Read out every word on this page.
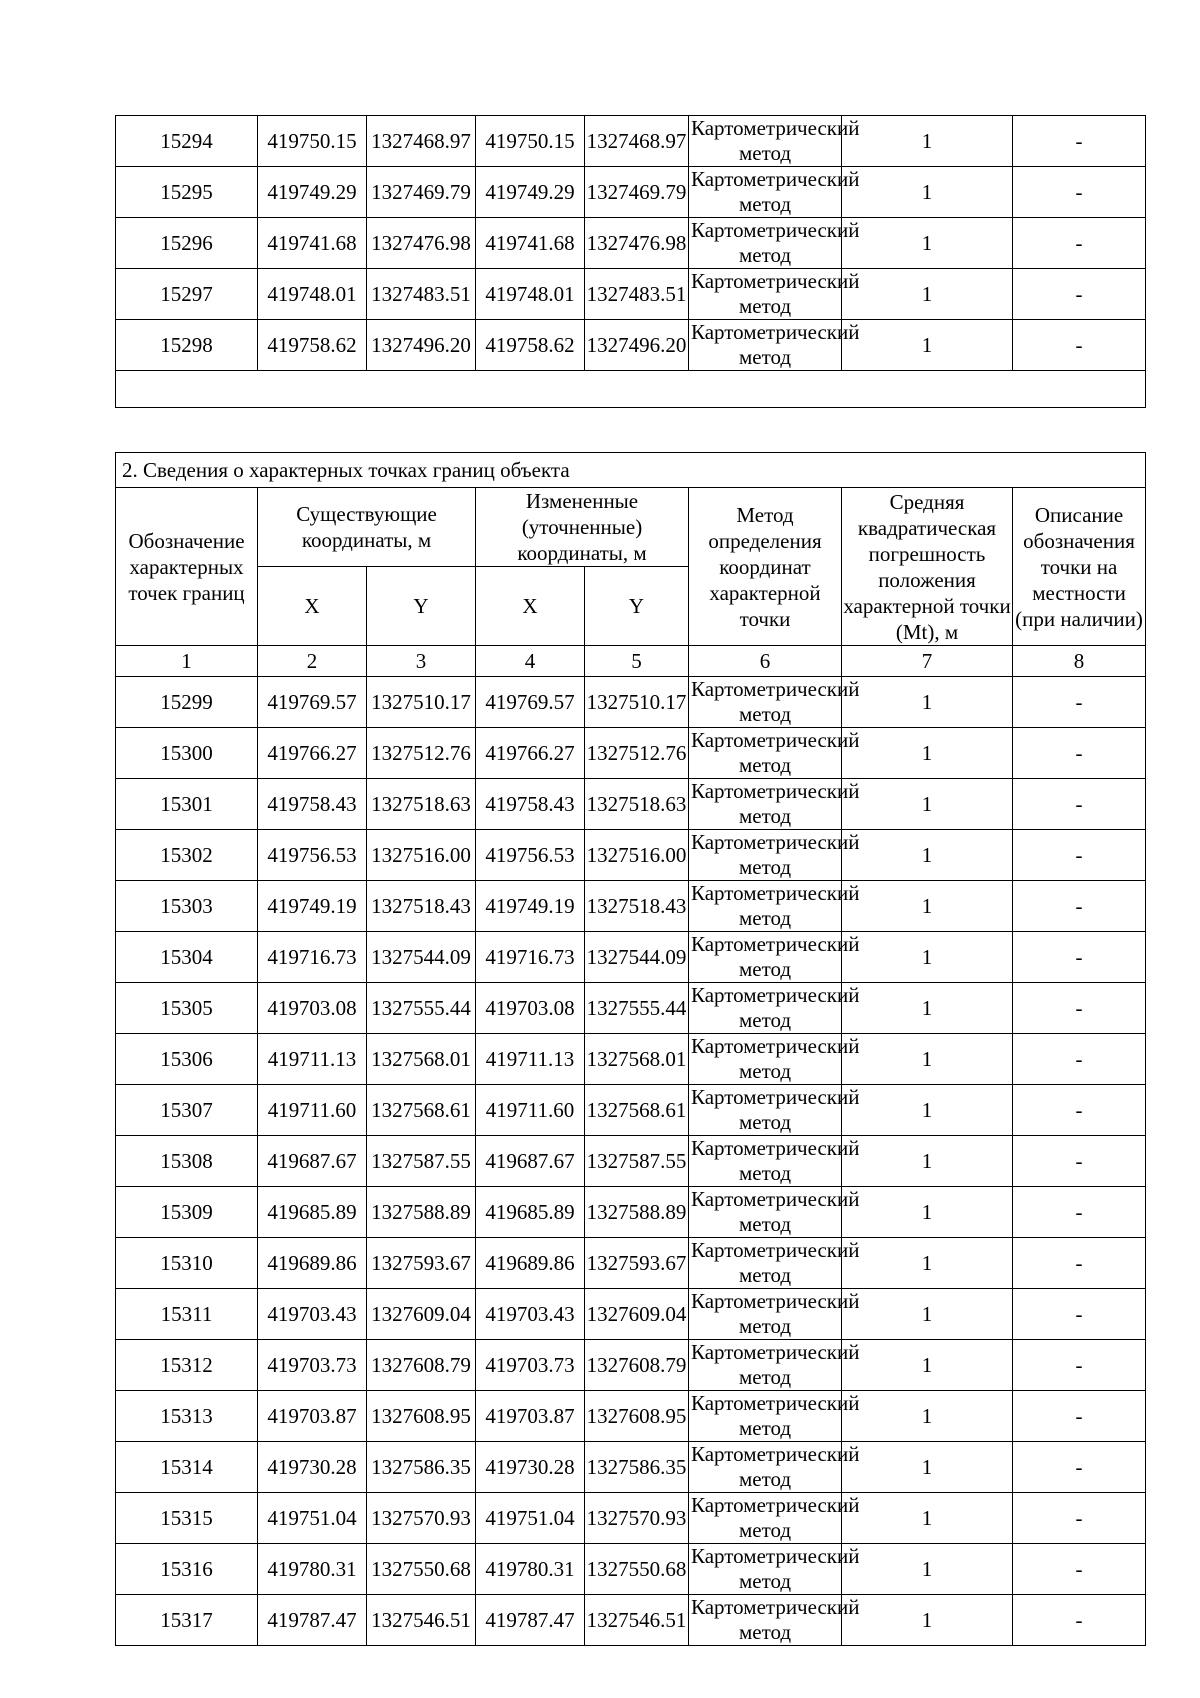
15294	419750.15	1327468.97	419750.15	1327468.97	Картометрический метод	1	-
15295	419749.29	1327469.79	419749.29	1327469.79	Картометрический метод	1	-
15296	419741.68	1327476.98	419741.68	1327476.98	Картометрический метод	1	-
15297	419748.01	1327483.51	419748.01	1327483.51	Картометрический метод	1	-
15298	419758.62	1327496.20	419758.62	1327496.20	Картометрический метод	1	-

2. Сведения о характерных точках границ объекта							
Обозначение характерных точек границ	Существующие координаты, м		Измененные (уточненные) координаты, м		Метод определения координат характерной точки	Средняя квадратическая погрешность положения характерной точки (Mt), м	Описание обозначения точки на местности (при наличии)
	X	Y	X	Y			
1	2	3	4	5	6	7	8
15299	419769.57	1327510.17	419769.57	1327510.17	Картометрический метод	1	-
15300	419766.27	1327512.76	419766.27	1327512.76	Картометрический метод	1	-
15301	419758.43	1327518.63	419758.43	1327518.63	Картометрический метод	1	-
15302	419756.53	1327516.00	419756.53	1327516.00	Картометрический метод	1	-
15303	419749.19	1327518.43	419749.19	1327518.43	Картометрический метод	1	-
15304	419716.73	1327544.09	419716.73	1327544.09	Картометрический метод	1	-
15305	419703.08	1327555.44	419703.08	1327555.44	Картометрический метод	1	-
15306	419711.13	1327568.01	419711.13	1327568.01	Картометрический метод	1	-
15307	419711.60	1327568.61	419711.60	1327568.61	Картометрический метод	1	-
15308	419687.67	1327587.55	419687.67	1327587.55	Картометрический метод	1	-
15309	419685.89	1327588.89	419685.89	1327588.89	Картометрический метод	1	-
15310	419689.86	1327593.67	419689.86	1327593.67	Картометрический метод	1	-
15311	419703.43	1327609.04	419703.43	1327609.04	Картометрический метод	1	-
15312	419703.73	1327608.79	419703.73	1327608.79	Картометрический метод	1	-
15313	419703.87	1327608.95	419703.87	1327608.95	Картометрический метод	1	-
15314	419730.28	1327586.35	419730.28	1327586.35	Картометрический метод	1	-
15315	419751.04	1327570.93	419751.04	1327570.93	Картометрический метод	1	-
15316	419780.31	1327550.68	419780.31	1327550.68	Картометрический метод	1	-
15317	419787.47	1327546.51	419787.47	1327546.51	Картометрический метод	1	-
